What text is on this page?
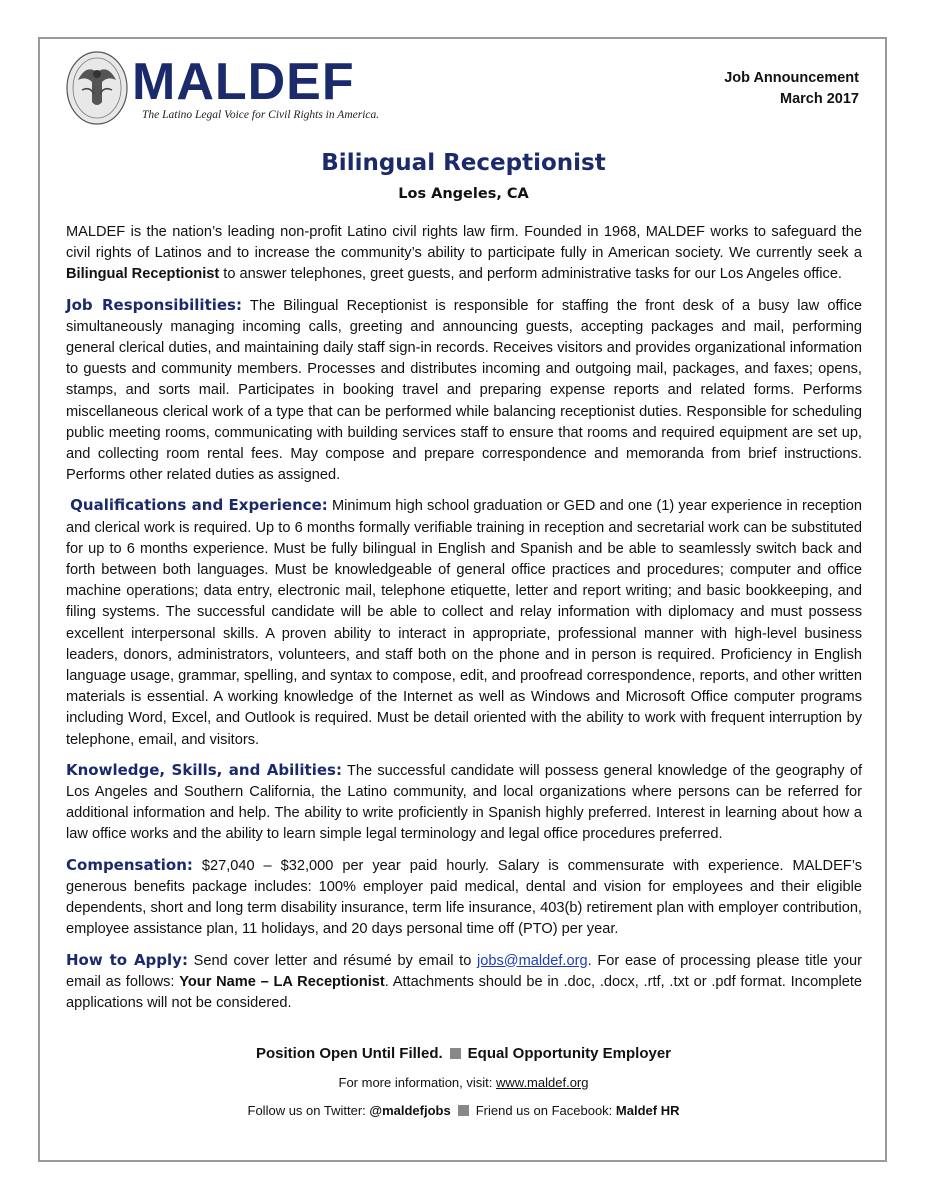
MALDEF
The Latino Legal Voice for Civil Rights in America.
Job Announcement
March 2017
Bilingual Receptionist
Los Angeles, CA

MALDEF is the nation’s leading non-profit Latino civil rights law firm. Founded in 1968, MALDEF works to safeguard the civil rights of Latinos and to increase the community’s ability to participate fully in American society. We currently seek a Bilingual Receptionist to answer telephones, greet guests, and perform administrative tasks for our Los Angeles office.

Job Responsibilities: The Bilingual Receptionist is responsible for staffing the front desk of a busy law office simultaneously managing incoming calls, greeting and announcing guests, accepting packages and mail, performing general clerical duties, and maintaining daily staff sign-in records. Receives visitors and provides organizational information to guests and community members. Processes and distributes incoming and outgoing mail, packages, and faxes; opens, stamps, and sorts mail. Participates in booking travel and preparing expense reports and related forms. Performs miscellaneous clerical work of a type that can be performed while balancing receptionist duties. Responsible for scheduling public meeting rooms, communicating with building services staff to ensure that rooms and required equipment are set up, and collecting room rental fees. May compose and prepare correspondence and memoranda from brief instructions. Performs other related duties as assigned.

Qualifications and Experience: Minimum high school graduation or GED and one (1) year experience in reception and clerical work is required. Up to 6 months formally verifiable training in reception and secretarial work can be substituted for up to 6 months experience. Must be fully bilingual in English and Spanish and be able to seamlessly switch back and forth between both languages. Must be knowledgeable of general office practices and procedures; computer and office machine operations; data entry, electronic mail, telephone etiquette, letter and report writing; and basic bookkeeping, and filing systems. The successful candidate will be able to collect and relay information with diplomacy and must possess excellent interpersonal skills. A proven ability to interact in appropriate, professional manner with high-level business leaders, donors, administrators, volunteers, and staff both on the phone and in person is required. Proficiency in English language usage, grammar, spelling, and syntax to compose, edit, and proofread correspondence, reports, and other written materials is essential. A working knowledge of the Internet as well as Windows and Microsoft Office computer programs including Word, Excel, and Outlook is required. Must be detail oriented with the ability to work with frequent interruption by telephone, email, and visitors.

Knowledge, Skills, and Abilities: The successful candidate will possess general knowledge of the geography of Los Angeles and Southern California, the Latino community, and local organizations where persons can be referred for additional information and help. The ability to write proficiently in Spanish highly preferred. Interest in learning about how a law office works and the ability to learn simple legal terminology and legal office procedures preferred.

Compensation: $27,040 – $32,000 per year paid hourly. Salary is commensurate with experience. MALDEF’s generous benefits package includes: 100% employer paid medical, dental and vision for employees and their eligible dependents, short and long term disability insurance, term life insurance, 403(b) retirement plan with employer contribution, employee assistance plan, 11 holidays, and 20 days personal time off (PTO) per year.

How to Apply: Send cover letter and résumé by email to jobs@maldef.org. For ease of processing please title your email as follows: Your Name – LA Receptionist. Attachments should be in .doc, .docx, .rtf, .txt or .pdf format. Incomplete applications will not be considered.

Position Open Until Filled. Equal Opportunity Employer
For more information, visit: www.maldef.org
Follow us on Twitter: @maldefjobs Friend us on Facebook: Maldef HR
